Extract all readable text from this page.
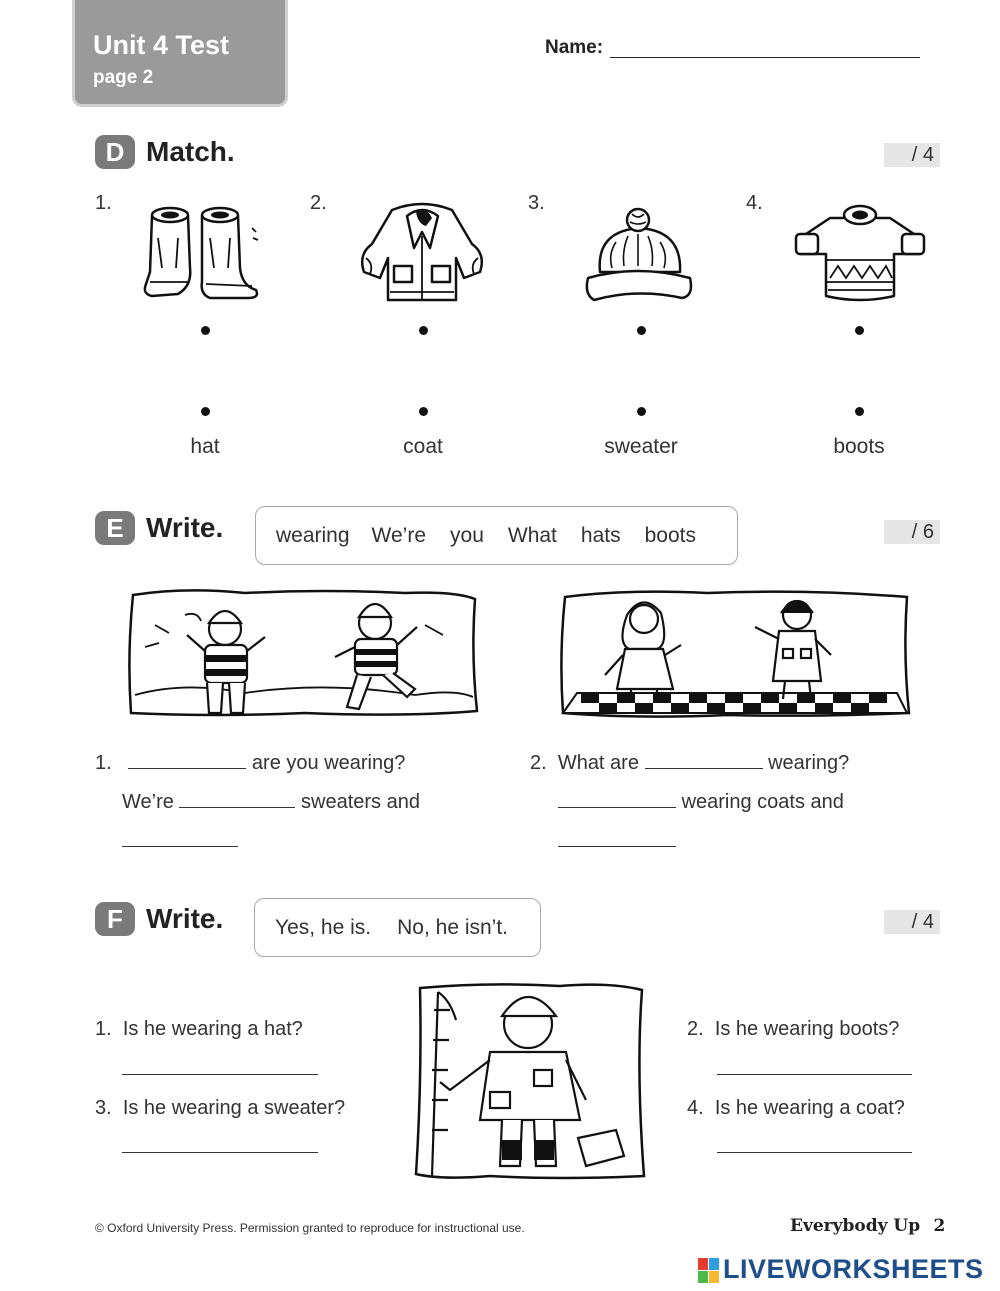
Unit 4 Test
page 2
Name:
D Match.	/ 4
1.	2.	3.	4.
hat	coat	sweater	boots
E Write.	wearing We’re you What hats boots	/ 6
1.	are you wearing?
We’re	sweaters and
2. What are	wearing?
wearing coats and
F Write. Yes, he is. No, he isn’t.	/ 4
1. Is he wearing a hat?	2. Is he wearing boots?
3. Is he wearing a sweater?	4. Is he wearing a coat?
© Oxford University Press. Permission granted to reproduce for instructional use.	Everybody Up 2
LIVEWORKSHEETS
